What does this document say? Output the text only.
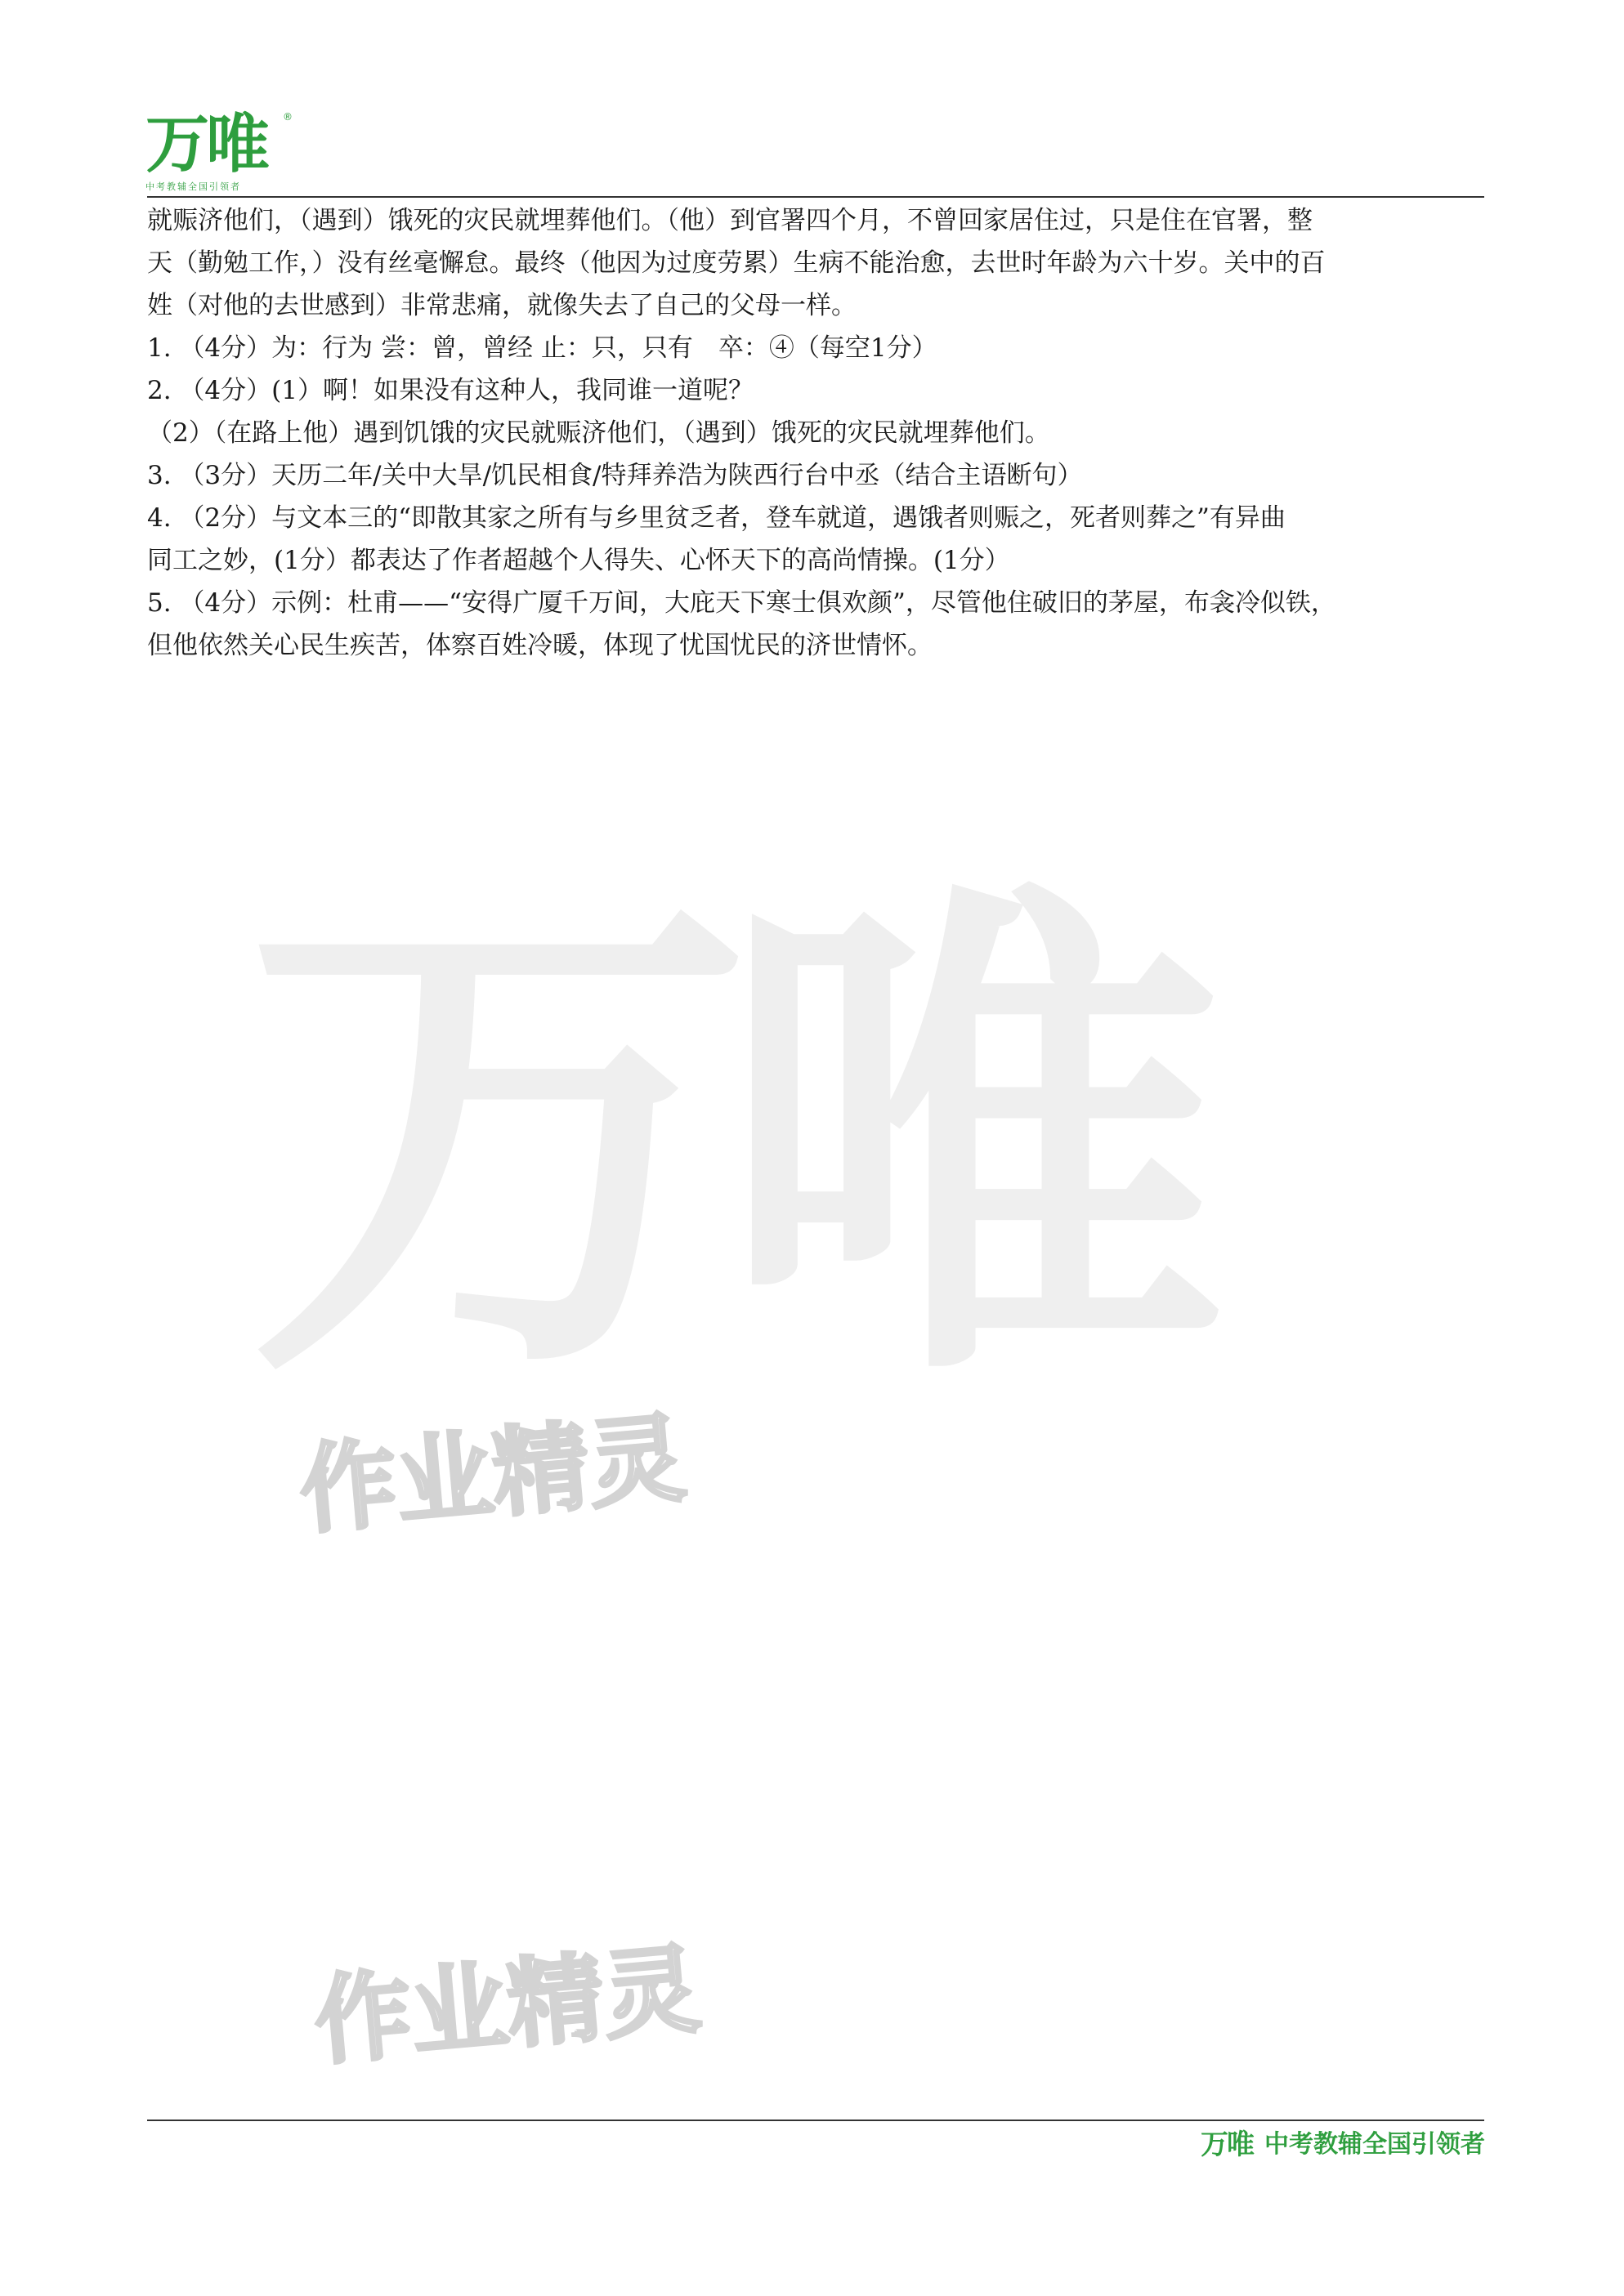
万唯	®
中考教辅全国引领者
万唯
作业精灵
作业精灵

就赈济他们，（遇到）饿死的灾民就埋葬他们。（他）到官署四个月，不曾回家居住过，只是住在官署，整

天（勤勉工作，）没有丝毫懈怠。最终（他因为过度劳累）生病不能治愈，去世时年龄为六十岁。关中的百

姓（对他的去世感到）非常悲痛，就像失去了自己的父母一样。

1. （4分）为：行为 尝：曾，曾经 止：只，只有　卒：④（每空1分）

2. （4分）(1）啊！如果没有这种人，我同谁一道呢？

（2）（在路上他）遇到饥饿的灾民就赈济他们，（遇到）饿死的灾民就埋葬他们。

3. （3分）天历二年/关中大旱/饥民相食/特拜养浩为陕西行台中丞（结合主语断句）

4. （2分）与文本三的“即散其家之所有与乡里贫乏者，登车就道，遇饿者则赈之，死者则葬之”有异曲

同工之妙，(1分）都表达了作者超越个人得失、心怀天下的高尚情操。(1分）

5. （4分）示例：杜甫——“安得广厦千万间，大庇天下寒士俱欢颜”，尽管他住破旧的茅屋，布衾冷似铁，

但他依然关心民生疾苦，体察百姓冷暖，体现了忧国忧民的济世情怀。

万唯 中考教辅全国引领者
